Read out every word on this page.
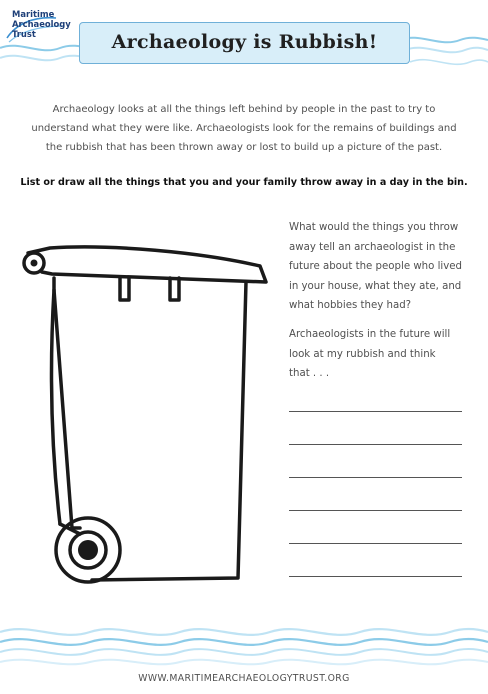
Maritime
Archaeology
Trust	Archaeology is Rubbish!
Archaeology looks at all the things left behind by people in the past to try to
understand what they were like. Archaeologists look for the remains of buildings and
the rubbish that has been thrown away or lost to build up a picture of the past.
List or draw all the things that you and your family throw away in a day in the bin.
What would the things you throw
away tell an archaeologist in the
future about the people who lived
in your house, what they ate, and
what hobbies they had?
Archaeologists in the future will
look at my rubbish and think
that . . .
WWW.MARITIMEARCHAEOLOGYTRUST.ORG
